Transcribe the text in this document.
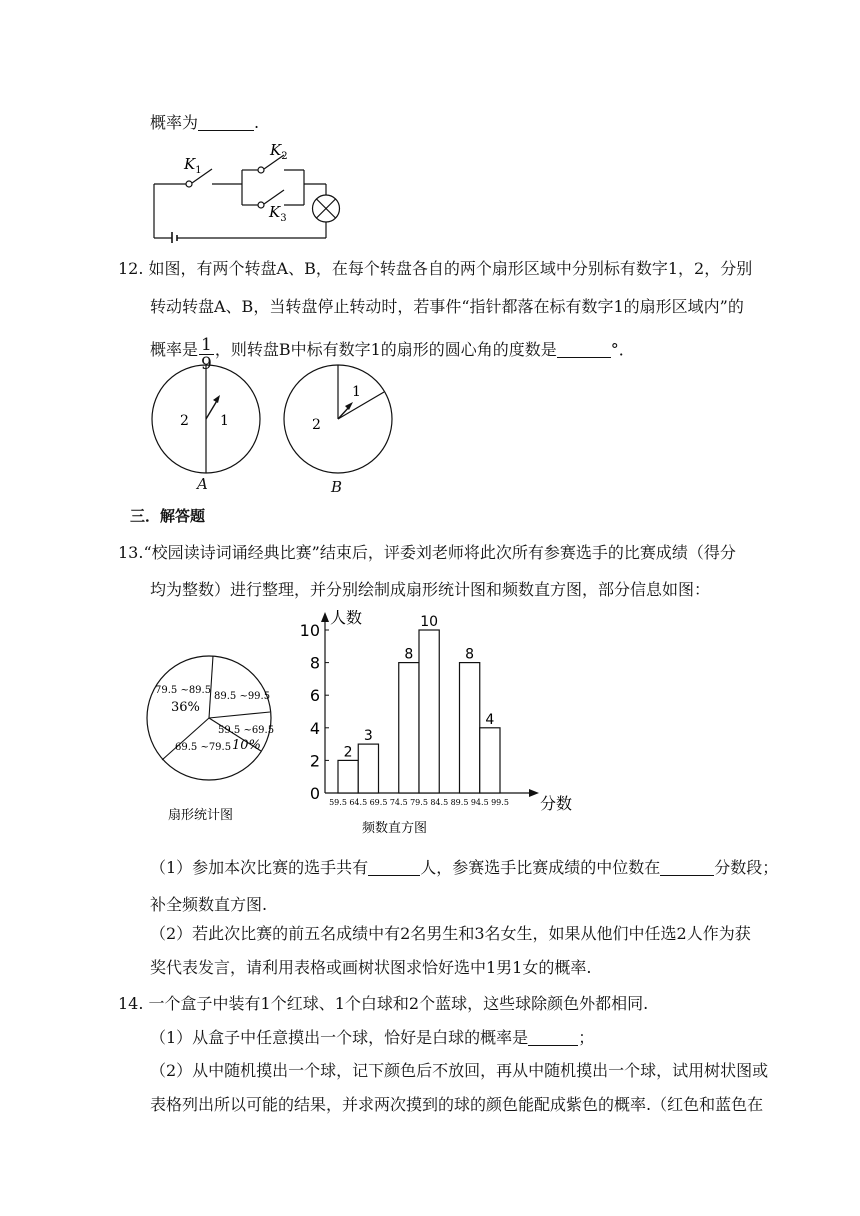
概率为	.
$K_1$
$K_2$
$K_3$
12. 如图，有两个转盘A、B，在每个转盘各自的两个扇形区域中分别标有数字1，2，分别
转动转盘A、B，当转盘停止转动时，若事件“指针都落在标有数字1的扇形区域内”的
概率是 $\frac{1}{9}$ ，则转盘B中标有数字1的扇形的圆心角的度数是	°．
2 1
1
2
A	B
三．解答题
13.“校园读诗词诵经典比赛”结束后，评委刘老师将此次所有参赛选手的比赛成绩（得分
均为整数）进行整理，并分别绘制成扇形统计图和频数直方图，部分信息如图：
79.5 ~89.5
36%
89.5 ~99.5
59.5 ~69.5
10%
69.5 ~79.5
扇形统计图
人数
分数
频数直方图
0
2
4
6
8
10
59.5 64.5 69.5 74.5 79.5 84.5 89.5 94.5 99.5
2
3
8
10
8
4
（1）参加本次比赛的选手共有	人，参赛选手比赛成绩的中位数在	分数段；
补全频数直方图.
（2）若此次比赛的前五名成绩中有2名男生和3名女生，如果从他们中任选2人作为获
奖代表发言，请利用表格或画树状图求恰好选中1男1女的概率.
14. 一个盒子中装有1个红球、1个白球和2个蓝球，这些球除颜色外都相同.
（1）从盒子中任意摸出一个球，恰好是白球的概率是	；
（2）从中随机摸出一个球，记下颜色后不放回，再从中随机摸出一个球，试用树状图或
表格列出所以可能的结果，并求两次摸到的球的颜色能配成紫色的概率.（红色和蓝色在
